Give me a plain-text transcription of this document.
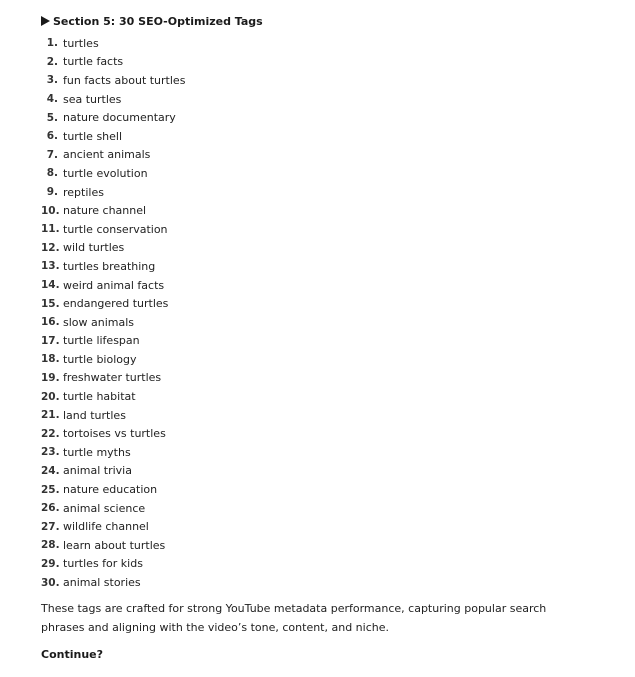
Section 5: 30 SEO-Optimized Tags
1. turtles
2. turtle facts
3. fun facts about turtles
4. sea turtles
5. nature documentary
6. turtle shell
7. ancient animals
8. turtle evolution
9. reptiles
10. nature channel
11. turtle conservation
12. wild turtles
13. turtles breathing
14. weird animal facts
15. endangered turtles
16. slow animals
17. turtle lifespan
18. turtle biology
19. freshwater turtles
20. turtle habitat
21. land turtles
22. tortoises vs turtles
23. turtle myths
24. animal trivia
25. nature education
26. animal science
27. wildlife channel
28. learn about turtles
29. turtles for kids
30. animal stories
These tags are crafted for strong YouTube metadata performance, capturing popular search phrases and aligning with the video’s tone, content, and niche.
Continue?
